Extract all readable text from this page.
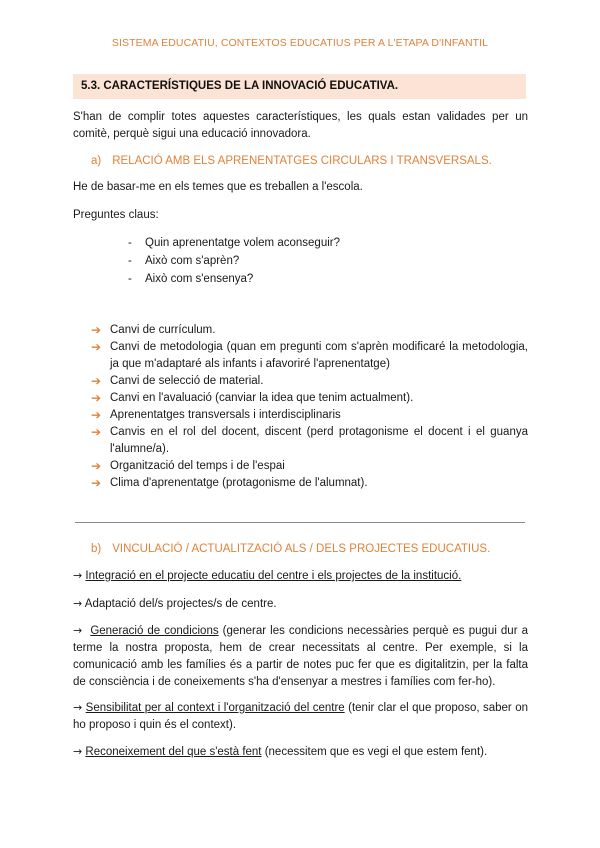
SISTEMA EDUCATIU, CONTEXTOS EDUCATIUS PER A L'ETAPA D'INFANTIL
5.3. CARACTERÍSTIQUES DE LA INNOVACIÓ EDUCATIVA.
S'han de complir totes aquestes característiques, les quals estan validades per un comitè, perquè sigui una educació innovadora.
a) RELACIÓ AMB ELS APRENENTATGES CIRCULARS I TRANSVERSALS.
He de basar-me en els temes que es treballen a l'escola.
Preguntes claus:
- Quin aprenentatge volem aconseguir?
- Això com s'aprèn?
- Això com s'ensenya?
➔ Canvi de currículum.
➔ Canvi de metodologia (quan em pregunti com s'aprèn modificaré la metodologia, ja que m'adaptaré als infants i afavoriré l'aprenentatge)
➔ Canvi de selecció de material.
➔ Canvi en l'avaluació (canviar la idea que tenim actualment).
➔ Aprenentatges transversals i interdisciplinaris
➔ Canvis en el rol del docent, discent (perd protagonisme el docent i el guanya l'alumne/a).
➔ Organització del temps i de l'espai
➔ Clima d'aprenentatge (protagonisme de l'alumnat).
b) VINCULACIÓ / ACTUALITZACIÓ ALS / DELS PROJECTES EDUCATIUS.
→ Integració en el projecte educatiu del centre i els projectes de la institució.
→ Adaptació del/s projectes/s de centre.
→ Generació de condicions (generar les condicions necessàries perquè es pugui dur a terme la nostra proposta, hem de crear necessitats al centre. Per exemple, si la comunicació amb les famílies és a partir de notes puc fer que es digitalitzin, per la falta de consciència i de coneixements s'ha d'ensenyar a mestres i famílies com fer-ho).
→ Sensibilitat per al context i l'organització del centre (tenir clar el que proposo, saber on ho proposo i quin és el context).
→ Reconeixement del que s'està fent (necessitem que es vegi el que estem fent).
